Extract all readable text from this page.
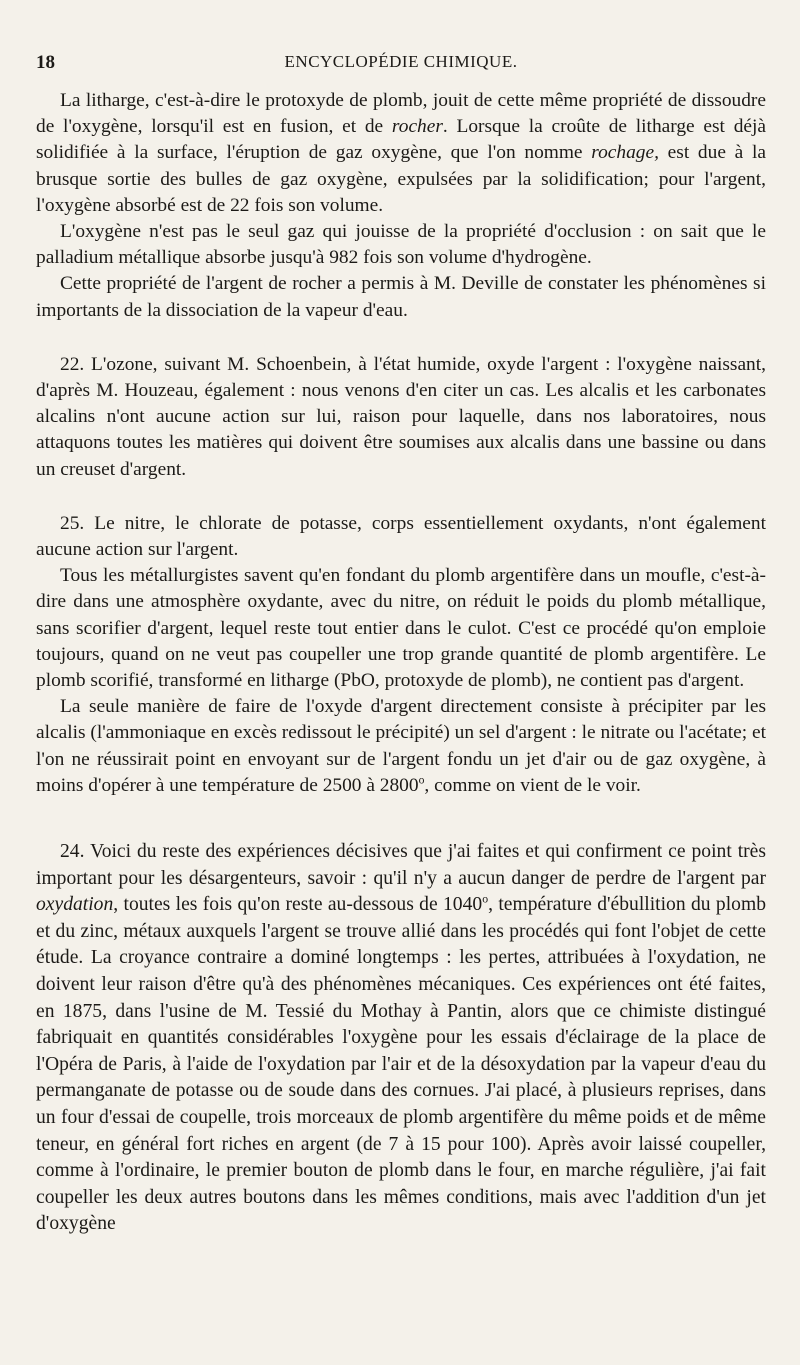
18	ENCYCLOPÉDIE CHIMIQUE.

La litharge, c'est-à-dire le protoxyde de plomb, jouit de cette même propriété de dissoudre de l'oxygène, lorsqu'il est en fusion, et de rocher. Lorsque la croûte de litharge est déjà solidifiée à la surface, l'éruption de gaz oxygène, que l'on nomme rochage, est due à la brusque sortie des bulles de gaz oxygène, expulsées par la solidification; pour l'argent, l'oxygène absorbé est de 22 fois son volume.

L'oxygène n'est pas le seul gaz qui jouisse de la propriété d'occlusion : on sait que le palladium métallique absorbe jusqu'à 982 fois son volume d'hydrogène.

Cette propriété de l'argent de rocher a permis à M. Deville de constater les phénomènes si importants de la dissociation de la vapeur d'eau.

22. L'ozone, suivant M. Schoenbein, à l'état humide, oxyde l'argent : l'oxygène naissant, d'après M. Houzeau, également : nous venons d'en citer un cas. Les alcalis et les carbonates alcalins n'ont aucune action sur lui, raison pour laquelle, dans nos laboratoires, nous attaquons toutes les matières qui doivent être soumises aux alcalis dans une bassine ou dans un creuset d'argent.

25. Le nitre, le chlorate de potasse, corps essentiellement oxydants, n'ont également aucune action sur l'argent.

Tous les métallurgistes savent qu'en fondant du plomb argentifère dans un moufle, c'est-à-dire dans une atmosphère oxydante, avec du nitre, on réduit le poids du plomb métallique, sans scorifier d'argent, lequel reste tout entier dans le culot. C'est ce procédé qu'on emploie toujours, quand on ne veut pas coupeller une trop grande quantité de plomb argentifère. Le plomb scorifié, transformé en litharge (PbO, protoxyde de plomb), ne contient pas d'argent.

La seule manière de faire de l'oxyde d'argent directement consiste à précipiter par les alcalis (l'ammoniaque en excès redissout le précipité) un sel d'argent : le nitrate ou l'acétate; et l'on ne réussirait point en envoyant sur de l'argent fondu un jet d'air ou de gaz oxygène, à moins d'opérer à une température de 2500 à 2800$^o$, comme on vient de le voir.

24. Voici du reste des expériences décisives que j'ai faites et qui confirment ce point très important pour les désargenteurs, savoir : qu'il n'y a aucun danger de perdre de l'argent par oxydation, toutes les fois qu'on reste au-dessous de 1040$^o$, température d'ébullition du plomb et du zinc, métaux auxquels l'argent se trouve allié dans les procédés qui font l'objet de cette étude. La croyance contraire a dominé longtemps : les pertes, attribuées à l'oxydation, ne doivent leur raison d'être qu'à des phénomènes mécaniques. Ces expériences ont été faites, en 1875, dans l'usine de M. Tessié du Mothay à Pantin, alors que ce chimiste distingué fabriquait en quantités considérables l'oxygène pour les essais d'éclairage de la place de l'Opéra de Paris, à l'aide de l'oxydation par l'air et de la désoxydation par la vapeur d'eau du permanganate de potasse ou de soude dans des cornues. J'ai placé, à plusieurs reprises, dans un four d'essai de coupelle, trois morceaux de plomb argentifère du même poids et de même teneur, en général fort riches en argent (de 7 à 15 pour 100). Après avoir laissé coupeller, comme à l'ordinaire, le premier bouton de plomb dans le four, en marche régulière, j'ai fait coupeller les deux autres boutons dans les mêmes conditions, mais avec l'addition d'un jet d'oxygène
